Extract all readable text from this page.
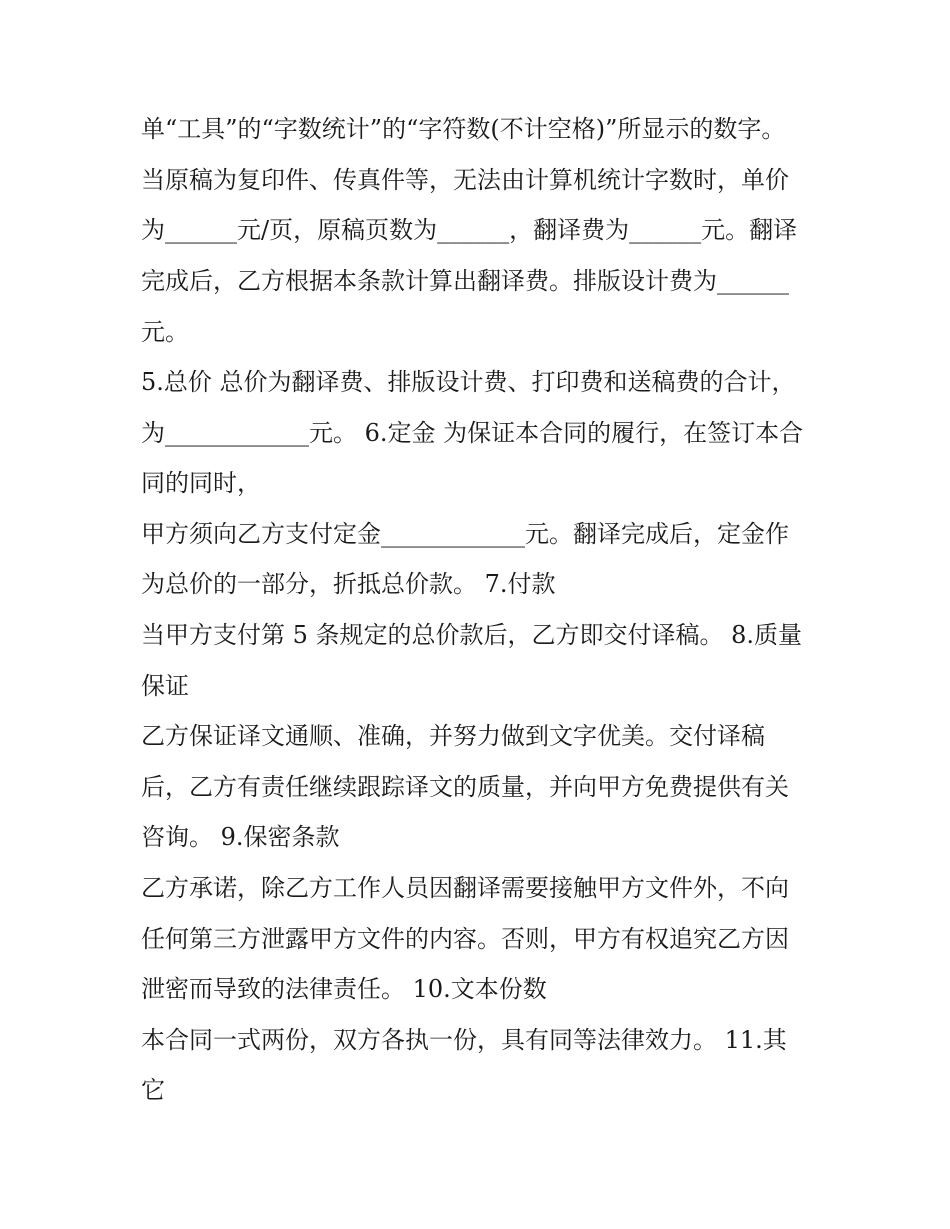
单“工具”的“字数统计”的“字符数(不计空格)”所显示的数字。

当原稿为复印件、传真件等，无法由计算机统计字数时，单价

为______元/页，原稿页数为______，翻译费为______元。翻译

完成后，乙方根据本条款计算出翻译费。排版设计费为______

元。

5.总价 总价为翻译费、排版设计费、打印费和送稿费的合计，

为____________元。 6.定金 为保证本合同的履行，在签订本合

同的同时，

甲方须向乙方支付定金____________元。翻译完成后，定金作

为总价的一部分，折抵总价款。 7.付款

当甲方支付第 5 条规定的总价款后，乙方即交付译稿。 8.质量

保证

乙方保证译文通顺、准确，并努力做到文字优美。交付译稿

后，乙方有责任继续跟踪译文的质量，并向甲方免费提供有关

咨询。 9.保密条款

乙方承诺，除乙方工作人员因翻译需要接触甲方文件外，不向

任何第三方泄露甲方文件的内容。否则，甲方有权追究乙方因

泄密而导致的法律责任。 10.文本份数

本合同一式两份，双方各执一份，具有同等法律效力。 11.其

它
